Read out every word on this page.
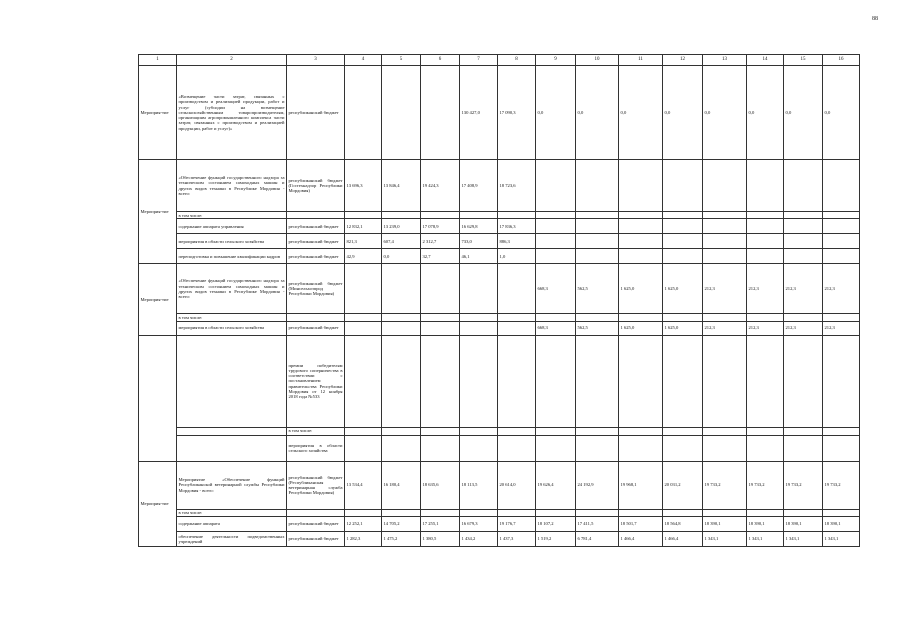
88
1	2	3	4	5	6	7	8	9	10	11	12	13	14	15	16
Мероприя-тие	«Возмещение части затрат, связанных с производством и реализацией продукции, работ и услуг (субсидии на возмещение сельскохозяйственным товаропроизводителям, организациям агропромышленного комплекса части затрат, связанных с производством и реализацией продукции, работ и услуг)»	республиканский бюджет				130 427,0	17 090,3	0,0	0,0	0,0	0,0	0,0	0,0	0,0	0,0
Мероприя-тие	«Обеспечение функций государственного надзора за техническим состоянием самоходных машин и других видов техники в Республике Мордовия - всего:	республиканский бюджет (Гостехнадзор Республики Мордовия)	13 696,3	13 846,4	19 424,3	17 408,9	18 723,6								
	в том числе:														
	содержание аппарата управления	республиканский бюджет	12 832,1	13 239,0	17 078,9	16 629,8	17 836,3								
	мероприятия в области сельского хозяйства	республиканский бюджет	821,3	607,4	2 312,7	733,0	886,3								
	переподготовка и повышение квалификации кадров	республиканский бюджет	42,9	0,0	32,7	46,1	1,0								
Мероприя-тие	«Обеспечение функций государственного надзора за техническим состоянием самоходных машин и других видов техники в Республике Мордовия - всего:	республиканский бюджет (Минсельхозпрод Республики Мордовия)						668,3	562,5	1 625,0	1 625,0	212,3	212,3	212,3	212,3
	в том числе:														
	мероприятия в области сельского хозяйства	республиканский бюджет						668,3	562,5	1 625,0	1 625,0	212,3	212,3	212,3	212,3
		премии победителям трудового соперничества в соответствии с постановлением правительства Республики Мордовия от 12 ноября 2018 года №533													
		в том числе:													
		мероприятия в области сельского хозяйства													
Мероприя-тие	Мероприятие «Обеспечение функций Республиканской ветеринарной службы Республики Мордовия - всего:	республиканский бюджет (Республиканская ветеринарная служба Республики Мордовия)	13 534,4	16 180,4	18 635,6	18 113,5	20 614,0	19 626,4	24 192,9	19 968,1	20 031,2	19 733,2	19 733,2	19 733,2	19 733,2
	в том числе:														
	содержание аппарата	республиканский бюджет	12 252,1	14 705,2	17 255,1	16 679,3	19 176,7	18 107,2	17 411,5	18 501,7	18 564,8	18 390,1	18 390,1	18 390,1	18 390,1
	обеспечение деятельности подведомственных учреждений	республиканский бюджет	1 282,3	1 475,2	1 380,5	1 434,2	1 437,3	1 519,2	6 781,4	1 466,4	1 466,4	1 343,1	1 343,1	1 343,1	1 343,1
